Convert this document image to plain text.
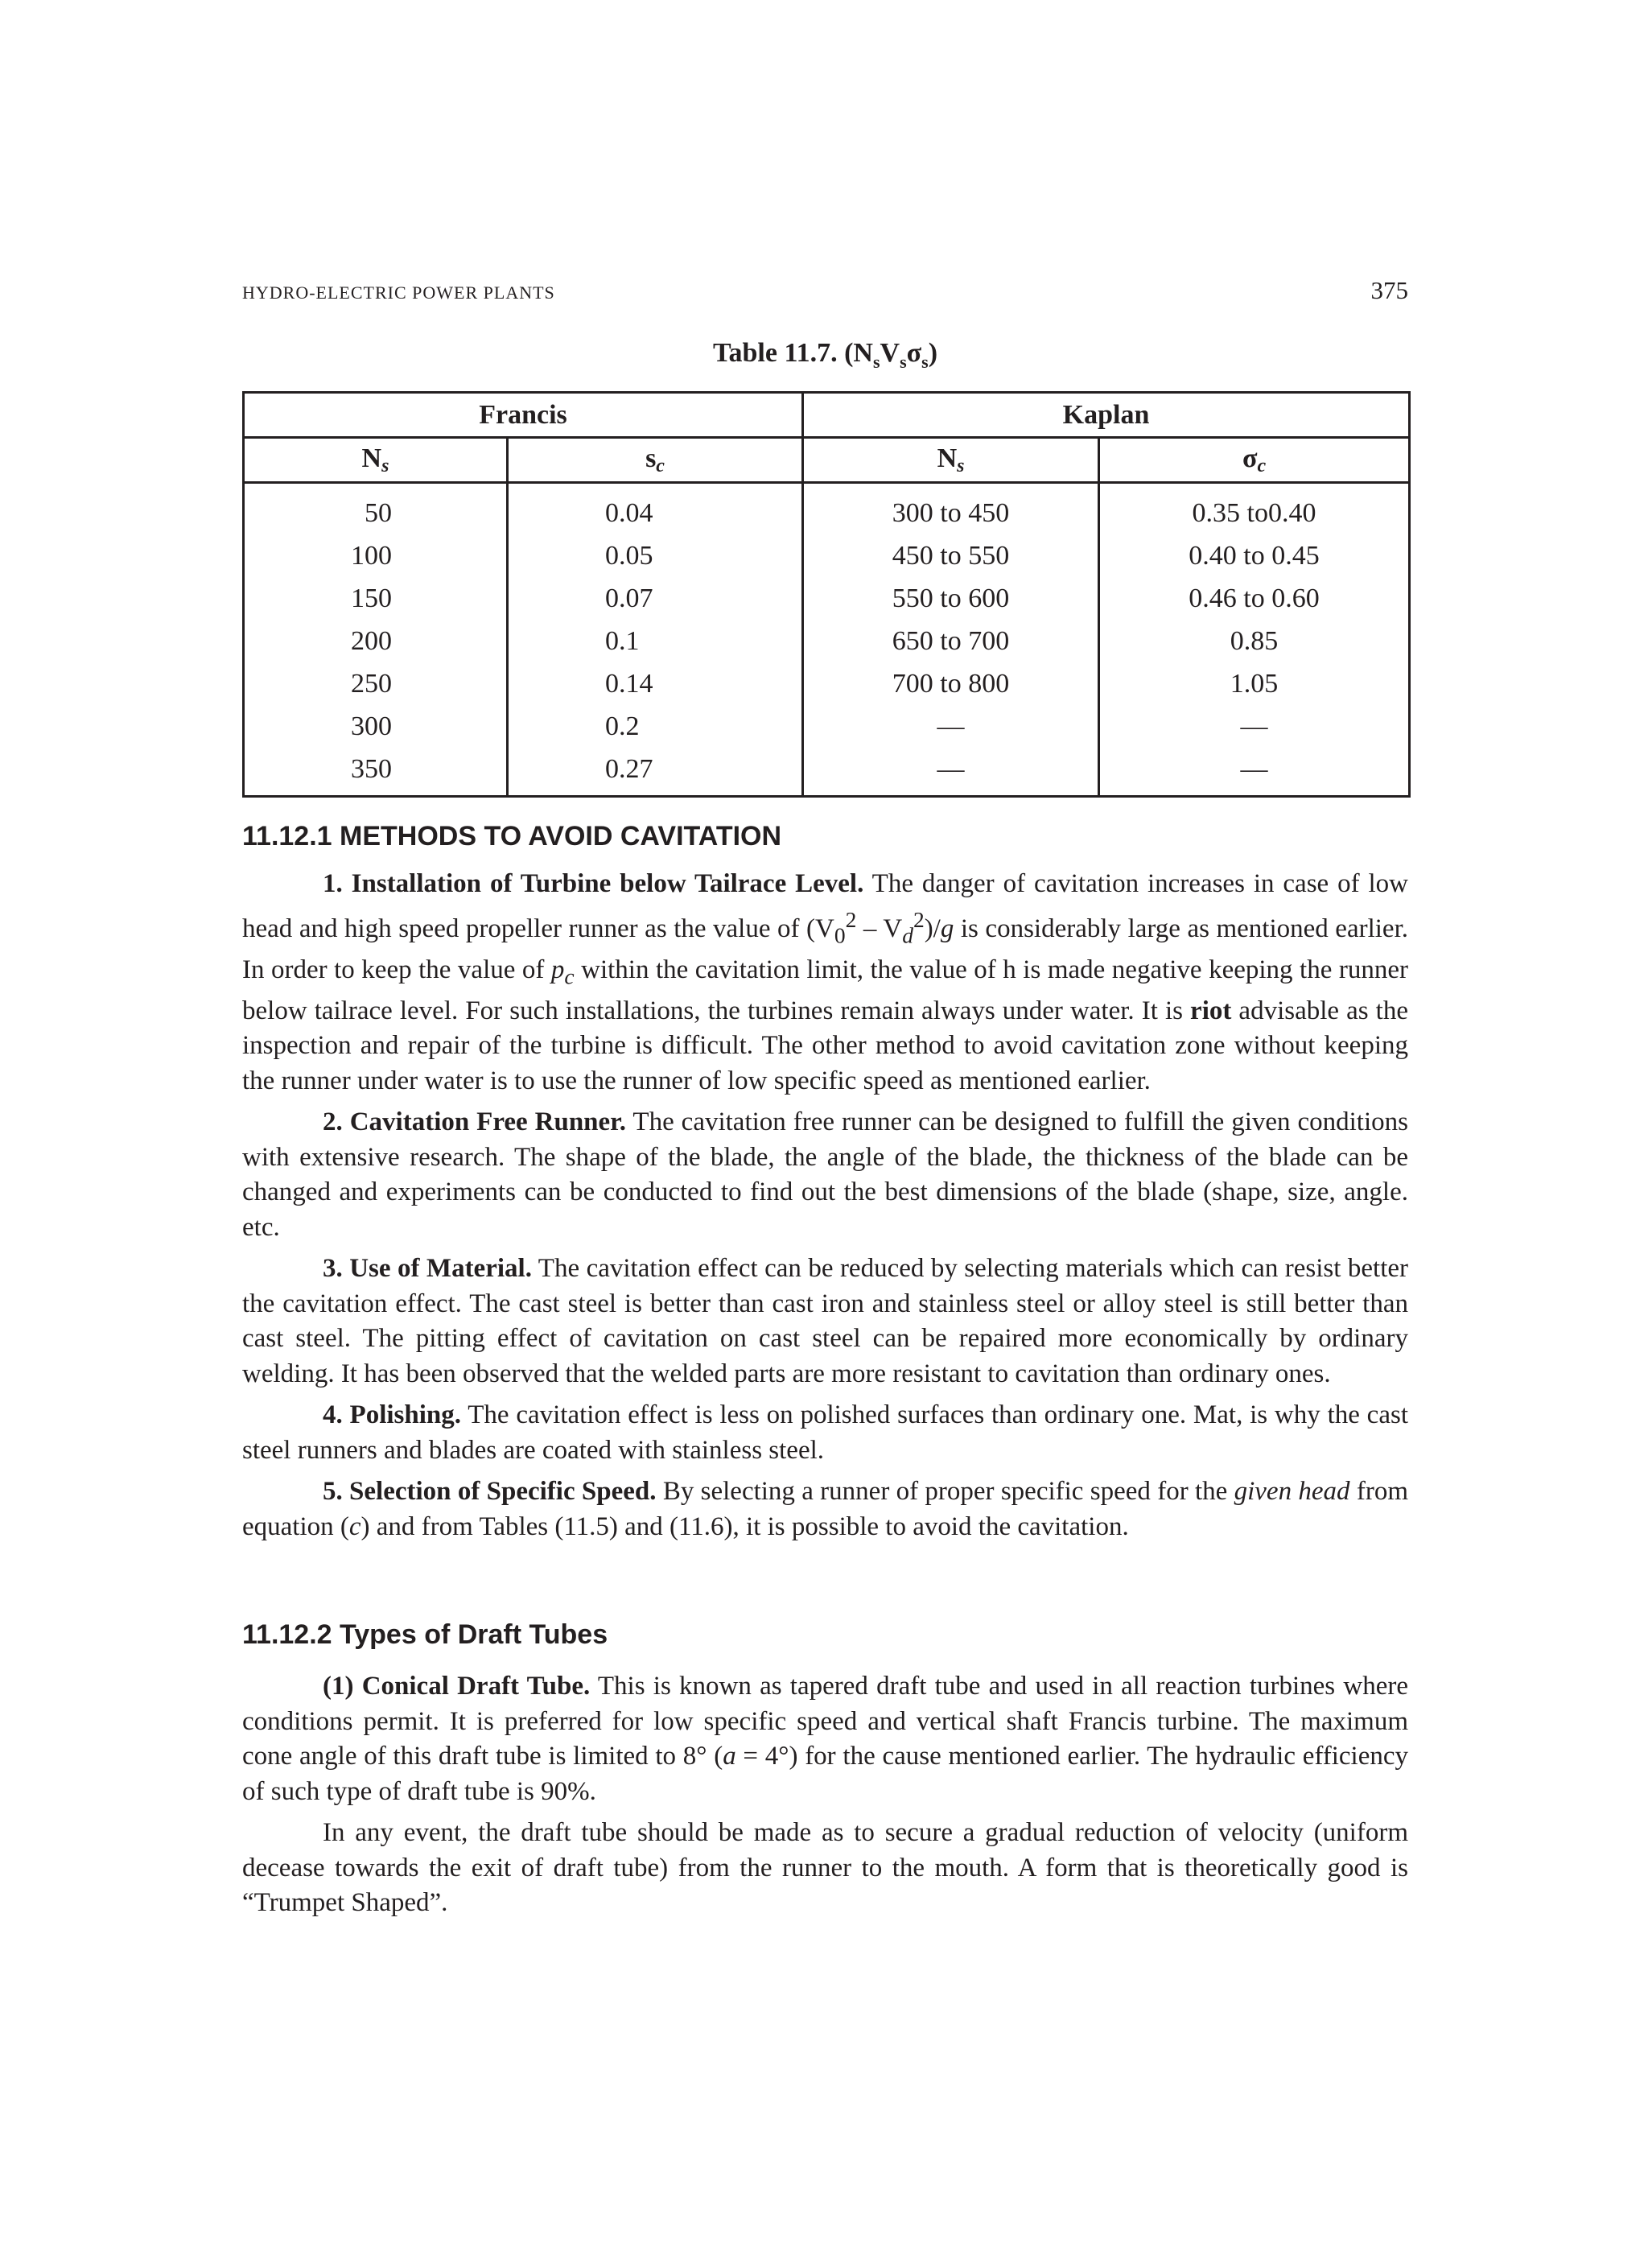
HYDRO-ELECTRIC POWER PLANTS	375
Table 11.7. $(N_sV_s\sigma_s)$
Francis		Kaplan	
Ns	sc	Ns	σc
50	0.04	300 to 450	0.35 to0.40
100	0.05	450 to 550	0.40 to 0.45
150	0.07	550 to 600	0.46 to 0.60
200	0.1	650 to 700	0.85
250	0.14	700 to 800	1.05
300	0.2	—	—
350	0.27	—	—
11.12.1 METHODS TO AVOID CAVITATION

1. Installation of Turbine below Tailrace Level. The danger of cavitation increases in case of low head and high speed propeller runner as the value of $(V_0^2 - V_d^2)/g$ is considerably large as mentioned earlier. In order to keep the value of $p_c$ within the cavitation limit, the value of h is made negative keeping the runner below tailrace level. For such installations, the turbines remain always under water. It is riot advisable as the inspection and repair of the turbine is difficult. The other method to avoid cavitation zone without keeping the runner under water is to use the runner of low specific speed as mentioned earlier.

2. Cavitation Free Runner. The cavitation free runner can be designed to fulfill the given conditions with extensive research. The shape of the blade, the angle of the blade, the thickness of the blade can be changed and experiments can be conducted to find out the best dimensions of the blade (shape, size, angle. etc.

3. Use of Material. The cavitation effect can be reduced by selecting materials which can resist better the cavitation effect. The cast steel is better than cast iron and stainless steel or alloy steel is still better than cast steel. The pitting effect of cavitation on cast steel can be repaired more economically by ordinary welding. It has been observed that the welded parts are more resistant to cavitation than ordinary ones.

4. Polishing. The cavitation effect is less on polished surfaces than ordinary one. Mat, is why the cast steel runners and blades are coated with stainless steel.

5. Selection of Specific Speed. By selecting a runner of proper specific speed for the given head from equation (c) and from Tables (11.5) and (11.6), it is possible to avoid the cavitation.

11.12.2 Types of Draft Tubes

(1) Conical Draft Tube. This is known as tapered draft tube and used in all reaction turbines where conditions permit. It is preferred for low specific speed and vertical shaft Francis turbine. The maximum cone angle of this draft tube is limited to 8° (a = 4°) for the cause mentioned earlier. The hydraulic efficiency of such type of draft tube is 90%.

In any event, the draft tube should be made as to secure a gradual reduction of velocity (uniform decease towards the exit of draft tube) from the runner to the mouth. A form that is theoretically good is “Trumpet Shaped”.
